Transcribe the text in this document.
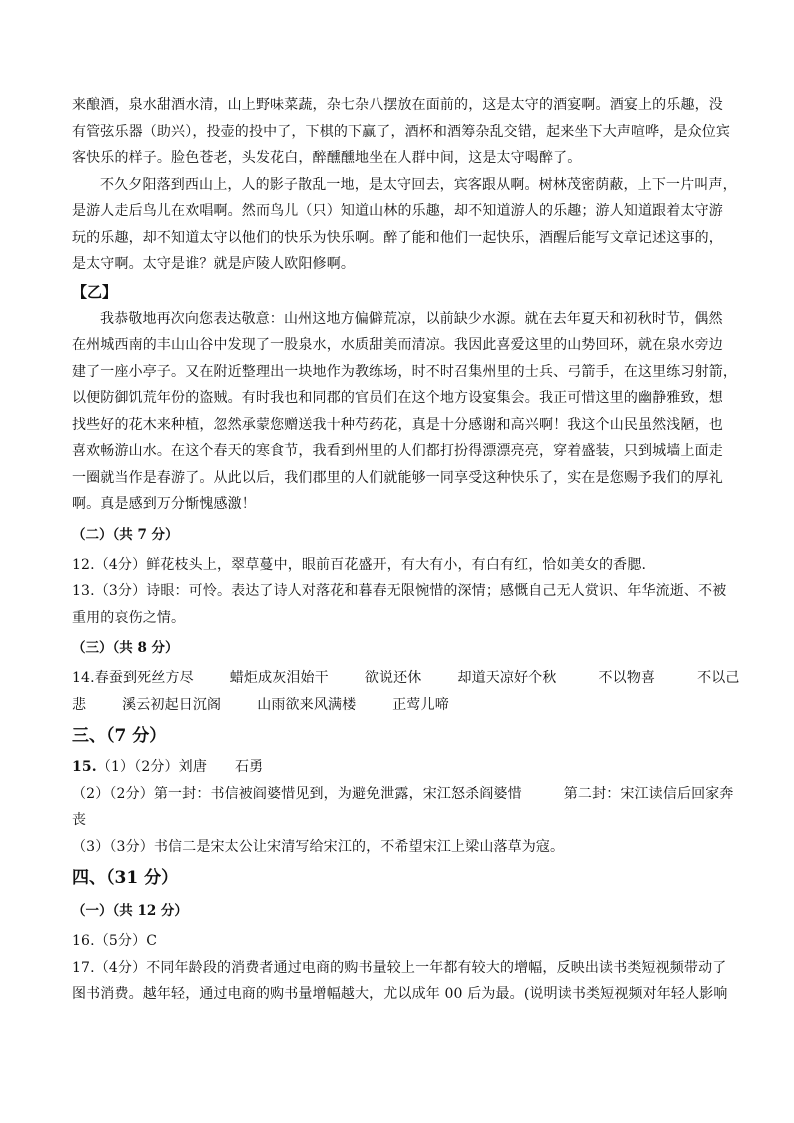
来酿酒，泉水甜酒水清，山上野味菜蔬，杂七杂八摆放在面前的，这是太守的酒宴啊。酒宴上的乐趣，没
有管弦乐器（助兴），投壶的投中了，下棋的下赢了，酒杯和酒筹杂乱交错，起来坐下大声喧哗，是众位宾
客快乐的样子。脸色苍老，头发花白，醉醺醺地坐在人群中间，这是太守喝醉了。
不久夕阳落到西山上，人的影子散乱一地，是太守回去，宾客跟从啊。树林茂密荫蔽，上下一片叫声，
是游人走后鸟儿在欢唱啊。然而鸟儿（只）知道山林的乐趣，却不知道游人的乐趣；游人知道跟着太守游
玩的乐趣，却不知道太守以他们的快乐为快乐啊。醉了能和他们一起快乐，酒醒后能写文章记述这事的，
是太守啊。太守是谁？就是庐陵人欧阳修啊。
【乙】
我恭敬地再次向您表达敬意：山州这地方偏僻荒凉，以前缺少水源。就在去年夏天和初秋时节，偶然
在州城西南的丰山山谷中发现了一股泉水，水质甜美而清凉。我因此喜爱这里的山势回环，就在泉水旁边
建了一座小亭子。又在附近整理出一块地作为教练场，时不时召集州里的士兵、弓箭手，在这里练习射箭，
以便防御饥荒年份的盗贼。有时我也和同郡的官员们在这个地方设宴集会。我正可惜这里的幽静雅致，想
找些好的花木来种植，忽然承蒙您赠送我十种芍药花，真是十分感谢和高兴啊！我这个山民虽然浅陋，也
喜欢畅游山水。在这个春天的寒食节，我看到州里的人们都打扮得漂漂亮亮，穿着盛装，只到城墙上面走
一圈就当作是春游了。从此以后，我们郡里的人们就能够一同享受这种快乐了，实在是您赐予我们的厚礼
啊。真是感到万分惭愧感激！
（二）（共 7 分）
12.（4分）鲜花枝头上，翠草蔓中，眼前百花盛开，有大有小，有白有红，恰如美女的香腮.
13.（3分）诗眼：可怜。表达了诗人对落花和暮春无限惋惜的深情；感慨自己无人赏识、年华流逝、不被
重用的哀伤之情。
（三）（共 8 分）
14.春蚕到死丝方尽	蜡炬成灰泪始干	欲说还休	却道天凉好个秋	不以物喜	不以己
悲	溪云初起日沉阁	山雨欲来风满楼	正莺儿啼
三、（7 分）
15.（1）（2分）刘唐 石勇
（2）（2分）第一封：书信被阎婆惜见到，为避免泄露，宋江怒杀阎婆惜	第二封：宋江读信后回家奔
丧
（3）（3分）书信二是宋太公让宋清写给宋江的，不希望宋江上梁山落草为寇。
四、（31 分）
（一）（共 12 分）
16.（5分）C
17.（4分）不同年龄段的消费者通过电商的购书量较上一年都有较大的增幅，反映出读书类短视频带动了
图书消费。越年轻，通过电商的购书量增幅越大，尤以成年 00 后为最。(说明读书类短视频对年轻人影响
